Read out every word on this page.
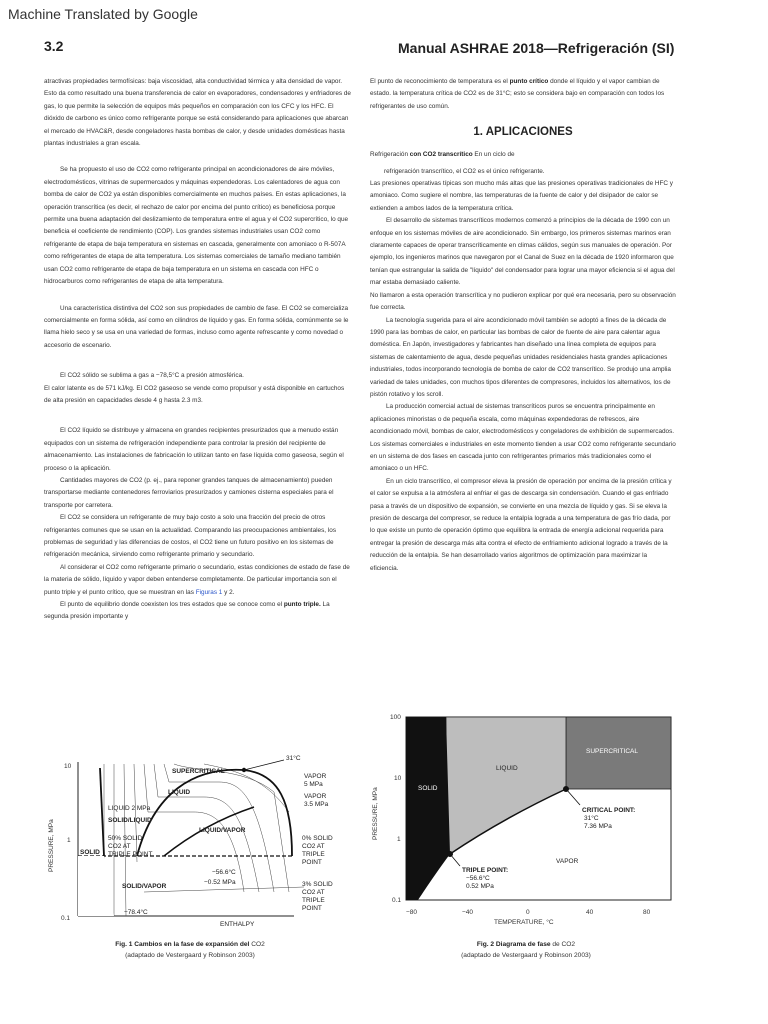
Machine Translated by Google
3.2	Manual ASHRAE 2018—Refrigeración (SI)

atractivas propiedades termofísicas: baja viscosidad, alta conductividad térmica y alta densidad de vapor. Esto da como resultado una buena transferencia de calor en evaporadores, condensadores y enfriadores de gas, lo que permite la selección de equipos más pequeños en comparación con los CFC y los HFC. El dióxido de carbono es único como refrigerante porque se está considerando para aplicaciones que abarcan el mercado de HVAC&R, desde congeladores hasta bombas de calor, y desde unidades domésticas hasta plantas industriales a gran escala.

Se ha propuesto el uso de CO2 como refrigerante principal en acondicionadores de aire móviles, electrodomésticos, vitrinas de supermercados y máquinas expendedoras. Los calentadores de agua con bomba de calor de CO2 ya están disponibles comercialmente en muchos países. En estas aplicaciones, la operación transcrítica (es decir, el rechazo de calor por encima del punto crítico) es beneficiosa porque permite una buena adaptación del deslizamiento de temperatura entre el agua y el CO2 supercrítico, lo que beneficia el coeficiente de rendimiento (COP). Los grandes sistemas industriales usan CO2 como refrigerante de etapa de baja temperatura en sistemas en cascada, generalmente con amoniaco o R-507A como refrigerantes de etapa de alta temperatura. Los sistemas comerciales de tamaño mediano también usan CO2 como refrigerante de etapa de baja temperatura en un sistema en cascada con HFC o hidrocarburos como refrigerantes de etapa de alta temperatura.

Una característica distintiva del CO2 son sus propiedades de cambio de fase. El CO2 se comercializa comercialmente en forma sólida, así como en cilindros de líquido y gas. En forma sólida, comúnmente se le llama hielo seco y se usa en una variedad de formas, incluso como agente refrescante y como novedad o accesorio de escenario.

El CO2 sólido se sublima a gas a −78,5°C a presión atmosférica.

El calor latente es de 571 kJ/kg. El CO2 gaseoso se vende como propulsor y está disponible en cartuchos de alta presión en capacidades desde 4 g hasta 2.3 m3.

El CO2 líquido se distribuye y almacena en grandes recipientes presurizados que a menudo están equipados con un sistema de refrigeración independiente para controlar la presión del recipiente de almacenamiento. Las instalaciones de fabricación lo utilizan tanto en fase líquida como gaseosa, según el proceso o la aplicación.

Cantidades mayores de CO2 (p. ej., para reponer grandes tanques de almacenamiento) pueden transportarse mediante contenedores ferroviarios presurizados y camiones cisterna especiales para el transporte por carretera.

El CO2 se considera un refrigerante de muy bajo costo a solo una fracción del precio de otros refrigerantes comunes que se usan en la actualidad. Comparando las preocupaciones ambientales, los problemas de seguridad y las diferencias de costos, el CO2 tiene un futuro positivo en los sistemas de refrigeración mecánica, sirviendo como refrigerante primario y secundario.

Al considerar el CO2 como refrigerante primario o secundario, estas condiciones de estado de fase de la materia de sólido, líquido y vapor deben entenderse completamente. De particular importancia son el punto triple y el punto crítico, que se muestran en las Figuras 1 y 2.

El punto de equilibrio donde coexisten los tres estados que se conoce como el punto triple. La segunda presión importante y

El punto de reconocimiento de temperatura es el punto crítico donde el líquido y el vapor cambian de estado. la temperatura crítica de CO2 es de 31°C; esto se considera bajo en comparación con todos los refrigerantes de uso común.

1. APLICACIONES

Refrigeración con CO2 transcrítico En un ciclo de

refrigeración transcrítico, el CO2 es el único refrigerante.

Las presiones operativas típicas son mucho más altas que las presiones operativas tradicionales de HFC y amoniaco. Como sugiere el nombre, las temperaturas de la fuente de calor y del disipador de calor se extienden a ambos lados de la temperatura crítica.

El desarrollo de sistemas transcríticos modernos comenzó a principios de la década de 1990 con un enfoque en los sistemas móviles de aire acondicionado. Sin embargo, los primeros sistemas marinos eran claramente capaces de operar transcríticamente en climas cálidos, según sus manuales de operación. Por ejemplo, los ingenieros marinos que navegaron por el Canal de Suez en la década de 1920 informaron que tenían que estrangular la salida de "líquido" del condensador para lograr una mayor eficiencia si el agua del mar estaba demasiado caliente.

No llamaron a esta operación transcrítica y no pudieron explicar por qué era necesaria, pero su observación fue correcta.

La tecnología sugerida para el aire acondicionado móvil también se adoptó a fines de la década de 1990 para las bombas de calor, en particular las bombas de calor de fuente de aire para calentar agua doméstica. En Japón, investigadores y fabricantes han diseñado una línea completa de equipos para sistemas de calentamiento de agua, desde pequeñas unidades residenciales hasta grandes aplicaciones industriales, todos incorporando tecnología de bomba de calor de CO2 transcrítico. Se produjo una amplia variedad de tales unidades, con muchos tipos diferentes de compresores, incluidos los alternativos, los de pistón rotativo y los scroll.

La producción comercial actual de sistemas transcríticos puros se encuentra principalmente en aplicaciones minoristas o de pequeña escala, como máquinas expendedoras de refrescos, aire acondicionado móvil, bombas de calor, electrodomésticos y congeladores de exhibición de supermercados. Los sistemas comerciales e industriales en este momento tienden a usar CO2 como refrigerante secundario en un sistema de dos fases en cascada junto con refrigerantes primarios más tradicionales como el amoniaco o un HFC.

En un ciclo transcrítico, el compresor eleva la presión de operación por encima de la presión crítica y el calor se expulsa a la atmósfera al enfriar el gas de descarga sin condensación. Cuando el gas enfriado pasa a través de un dispositivo de expansión, se convierte en una mezcla de líquido y gas. Si se eleva la presión de descarga del compresor, se reduce la entalpía lograda a una temperatura de gas frío dada, por lo que existe un punto de operación óptimo que equilibra la entrada de energía adicional requerida para entregar la presión de descarga más alta contra el efecto de enfriamiento adicional logrado a través de la reducción de la entalpía. Se han desarrollado varios algoritmos de optimización para maximizar la eficiencia.

PRESSURE, MPa
10
1
0.1
31°C
SUPERCRITICAL
LIQUID
VAPOR
5 MPa
VAPOR
3.5 MPa
LIQUID 2 MPa
SOLID/LIQUID
LIQUID/VAPOR
SOLID
50% SOLID
CO2 AT
TRIPLE POINT
0% SOLID
CO2 AT
TRIPLE
POINT
−56.6°C
−0.52 MPa
SOLID/VAPOR	3% SOLID
CO2 AT
TRIPLE
POINT
−78.4°C
ENTHALPY
Fig. 1 Cambios en la fase de expansión del CO2
(adaptado de Vestergaard y Robinson 2003)
PRESSURE, MPa
100
10
1
0.1
−80	−40	0	40	80
TEMPERATURE, °C
SOLID
LIQUID
SUPERCRITICAL
VAPOR
CRITICAL POINT:
31°C
7.36 MPa
TRIPLE POINT:
−56.6°C
0.52 MPa
Fig. 2 Diagrama de fase de CO2
(adaptado de Vestergaard y Robinson 2003)
